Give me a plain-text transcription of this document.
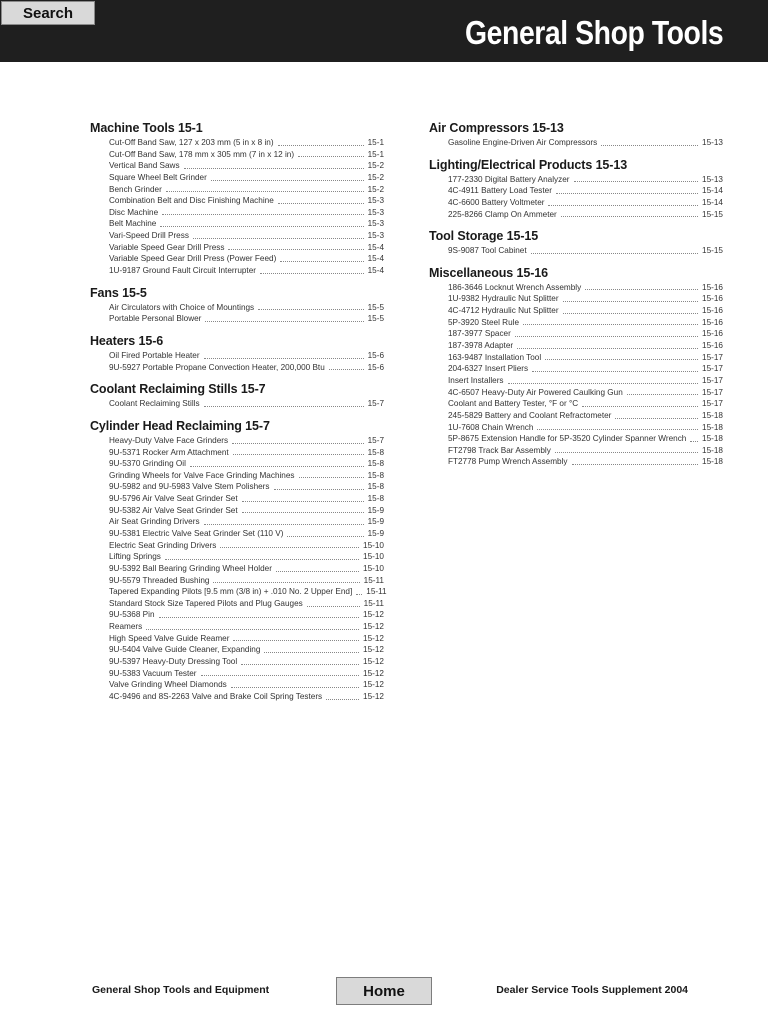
Search
General Shop Tools
Machine Tools 15-1
Cut-Off Band Saw, 127 x 203 mm (5 in x 8 in)	15-1
Cut-Off Band Saw, 178 mm x 305 mm (7 in x 12 in)	15-1
Vertical Band Saws	15-2
Square Wheel Belt Grinder	15-2
Bench Grinder	15-2
Combination Belt and Disc Finishing Machine	15-3
Disc Machine	15-3
Belt Machine	15-3
Vari-Speed Drill Press	15-3
Variable Speed Gear Drill Press	15-4
Variable Speed Gear Drill Press (Power Feed)	15-4
1U-9187 Ground Fault Circuit Interrupter	15-4
Fans 15-5
Air Circulators with Choice of Mountings	15-5
Portable Personal Blower	15-5
Heaters 15-6
Oil Fired Portable Heater	15-6
9U-5927 Portable Propane Convection Heater, 200,000 Btu	15-6
Coolant Reclaiming Stills 15-7
Coolant Reclaiming Stills	15-7
Cylinder Head Reclaiming 15-7
Heavy-Duty Valve Face Grinders	15-7
9U-5371 Rocker Arm Attachment	15-8
9U-5370 Grinding Oil	15-8
Grinding Wheels for Valve Face Grinding Machines	15-8
9U-5982 and 9U-5983 Valve Stem Polishers	15-8
9U-5796 Air Valve Seat Grinder Set	15-8
9U-5382 Air Valve Seat Grinder Set	15-9
Air Seat Grinding Drivers	15-9
9U-5381 Electric Valve Seat Grinder Set (110 V)	15-9
Electric Seat Grinding Drivers	15-10
Lifting Springs	15-10
9U-5392 Ball Bearing Grinding Wheel Holder	15-10
9U-5579 Threaded Bushing	15-11
Tapered Expanding Pilots [9.5 mm (3/8 in) + .010 No. 2 Upper End] 15-11
Standard Stock Size Tapered Pilots and Plug Gauges	15-11
9U-5368 Pin	15-12
Reamers	15-12
High Speed Valve Guide Reamer	15-12
9U-5404 Valve Guide Cleaner, Expanding	15-12
9U-5397 Heavy-Duty Dressing Tool	15-12
9U-5383 Vacuum Tester	15-12
Valve Grinding Wheel Diamonds	15-12
4C-9496 and 8S-2263 Valve and Brake Coil Spring Testers	15-12
Air Compressors 15-13
Gasoline Engine-Driven Air Compressors	15-13
Lighting/Electrical Products 15-13
177-2330 Digital Battery Analyzer	15-13
4C-4911 Battery Load Tester	15-14
4C-6600 Battery Voltmeter	15-14
225-8266 Clamp On Ammeter	15-15
Tool Storage 15-15
9S-9087 Tool Cabinet	15-15
Miscellaneous 15-16
186-3646 Locknut Wrench Assembly	15-16
1U-9382 Hydraulic Nut Splitter	15-16
4C-4712 Hydraulic Nut Splitter	15-16
5P-3920 Steel Rule	15-16
187-3977 Spacer	15-16
187-3978 Adapter	15-16
163-9487 Installation Tool	15-17
204-6327 Insert Pliers	15-17
Insert Installers	15-17
4C-6507 Heavy-Duty Air Powered Caulking Gun	15-17
Coolant and Battery Tester, °F or °C	15-17
245-5829 Battery and Coolant Refractometer	15-18
1U-7608 Chain Wrench	15-18
5P-8675 Extension Handle for 5P-3520 Cylinder Spanner Wrench 15-18
FT2798 Track Bar Assembly	15-18
FT2778 Pump Wrench Assembly	15-18
General Shop Tools and Equipment	Home	Dealer Service Tools Supplement 2004
